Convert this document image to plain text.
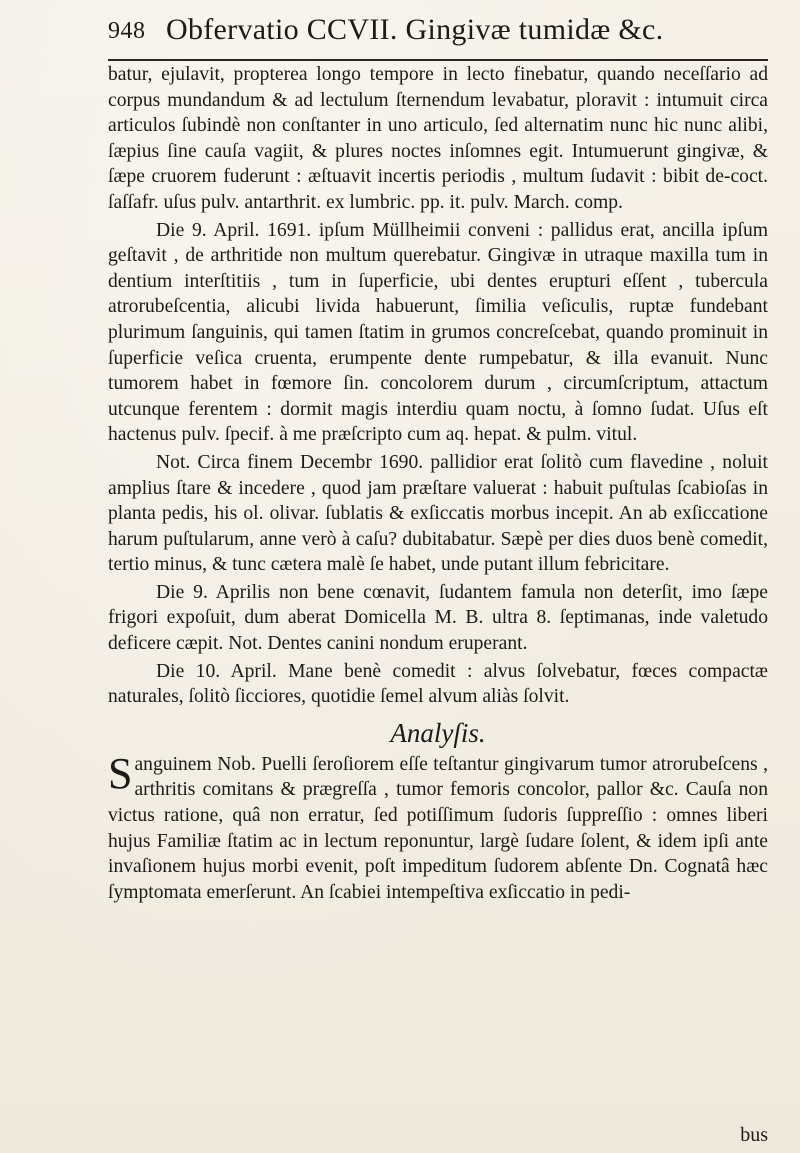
948 Obfervatio CCVII. Gingivæ tumidæ &c.

batur, ejulavit, propterea longo tempore in lecto finebatur, quando neceſſario ad corpus mundandum & ad lectulum ſternendum levabatur, ploravit : intumuit circa articulos ſubindè non conſtanter in uno articulo, ſed alternatim nunc hic nunc alibi, ſæpius ſine cauſa vagiit, & plures noctes inſomnes egit. Intumuerunt gingivæ, & ſæpe cruorem fuderunt : æſtuavit incertis periodis , multum ſudavit : bibit de-coct. ſaſſafr. uſus pulv. antarthrit. ex lumbric. pp. it. pulv. March. comp.

Die 9. April. 1691. ipſum Müllheimii conveni : pallidus erat, ancilla ipſum geſtavit , de arthritide non multum querebatur. Gingivæ in utraque maxilla tum in dentium interſtitiis , tum in ſuperficie, ubi dentes erupturi eſſent , tubercula atrorubeſcentia, alicubi livida habuerunt, ſimilia veſiculis, ruptæ fundebant plurimum ſanguinis, qui tamen ſtatim in grumos concreſcebat, quando prominuit in ſuperficie veſica cruenta, erumpente dente rumpebatur, & illa evanuit. Nunc tumorem habet in fœmore ſin. concolorem durum , circumſcriptum, attactum utcunque ferentem : dormit magis interdiu quam noctu, à ſomno ſudat. Uſus eſt hactenus pulv. ſpecif. à me præſcripto cum aq. hepat. & pulm. vitul.

Not. Circa finem Decembr 1690. pallidior erat ſolitò cum flavedine , noluit amplius ſtare & incedere , quod jam præſtare valuerat : habuit puſtulas ſcabioſas in planta pedis, his ol. olivar. ſublatis & exſiccatis morbus incepit. An ab exſiccatione harum puſtularum, anne verò à caſu? dubitabatur. Sæpè per dies duos benè comedit, tertio minus, & tunc cætera malè ſe habet, unde putant illum febricitare.

Die 9. Aprilis non bene cœnavit, ſudantem famula non deterſit, imo ſæpe frigori expoſuit, dum aberat Domicella M. B. ultra 8. ſeptimanas, inde valetudo deficere cæpit. Not. Dentes canini nondum eruperant.

Die 10. April. Mane benè comedit : alvus ſolvebatur, fœces compactæ naturales, ſolitò ſicciores, quotidie ſemel alvum aliàs ſolvit.

Analyſis.

Sanguinem Nob. Puelli ſeroſiorem eſſe teſtantur gingivarum tumor atrorubeſcens , arthritis comitans & prægreſſa , tumor femoris concolor, pallor &c. Cauſa non victus ratione, quâ non erratur, ſed potiſſimum ſudoris ſuppreſſio : omnes liberi hujus Familiæ ſtatim ac in lectum reponuntur, largè ſudare ſolent, & idem ipſi ante invaſionem hujus morbi evenit, poſt impeditum ſudorem abſente Dn. Cognatâ hæc ſymptomata emerſerunt. An ſcabiei intempeſtiva exſiccatio in pedi-

bus
